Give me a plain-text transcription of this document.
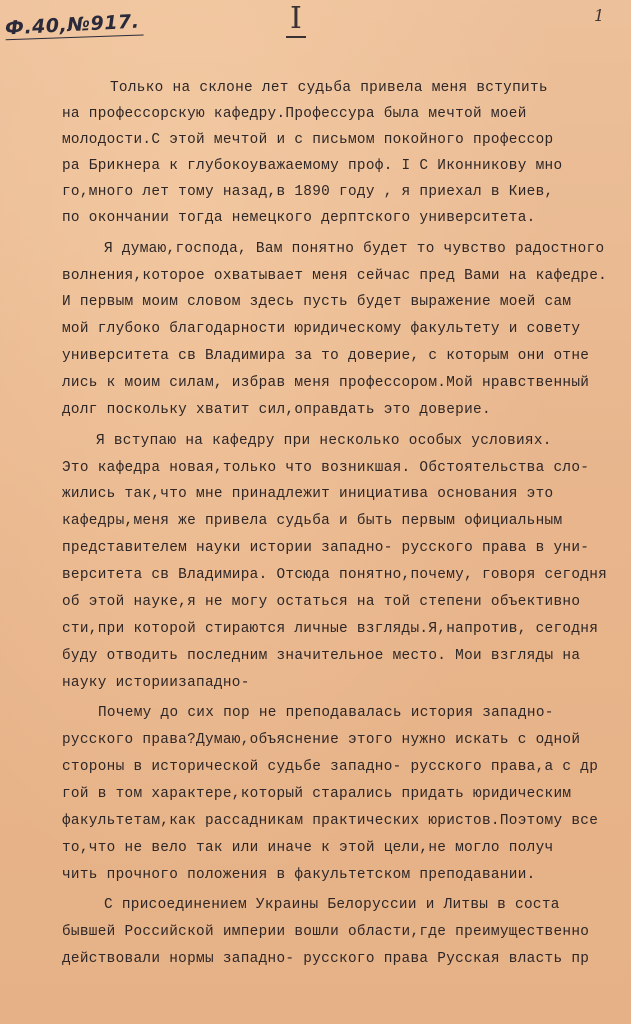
Ф.40,№917.	I	1
Только на склоне лет судьба привела меня вступить
на профессорскую кафедру.Профессура была мечтой моей
молодости.С этой мечтой и с письмом покойного профессор
ра Брикнера к глубокоуважаемому проф. I С Иконникову мно
го,много лет тому назад,в 1890 году , я приехал в Киев,
по окончании тогда немецкого дерптского университета.
Я думаю,господа, Вам понятно будет то чувство радостного
волнения,которое охватывает меня сейчас пред Вами на кафедре.
И первым моим словом здесь пусть будет выражение моей сам
мой глубоко благодарности юридическому факультету и совету
университета св Владимира за то доверие, с которым они отне
лись к моим силам, избрав меня профессором.Мой нравственный
долг поскольку хватит сил,оправдать это доверие.
Я вступаю на кафедру при несколько особых условиях.
Это кафедра новая,только что возникшая. Обстоятельства сло-
жились так,что мне принадлежит инициатива основания это
кафедры,меня же привела судьба и быть первым официальным
представителем науки истории западно- русского права в уни-
верситета св Владимира. Отсюда понятно,почему, говоря сегодня
об этой науке,я не могу остаться на той степени объективно
сти,при которой стираются личные взгляды.Я,напротив, сегодня
буду отводить последним значительное место. Мои взгляды на
науку историизападно-
Почему до сих пор не преподавалась история западно-
русского права?Думаю,объяснение этого нужно искать с одной
стороны в исторической судьбе западно- русского права,а с др
гой в том характере,который старались придать юридическим
факультетам,как рассадникам практических юристов.Поэтому все
то,что не вело так или иначе к этой цели,не могло получ
чить прочного положения в факультетском преподавании.
С присоединением Украины Белоруссии и Литвы в соста
бывшей Российской империи вошли области,где преимущественно
действовали нормы западно- русского права Русская власть пр
